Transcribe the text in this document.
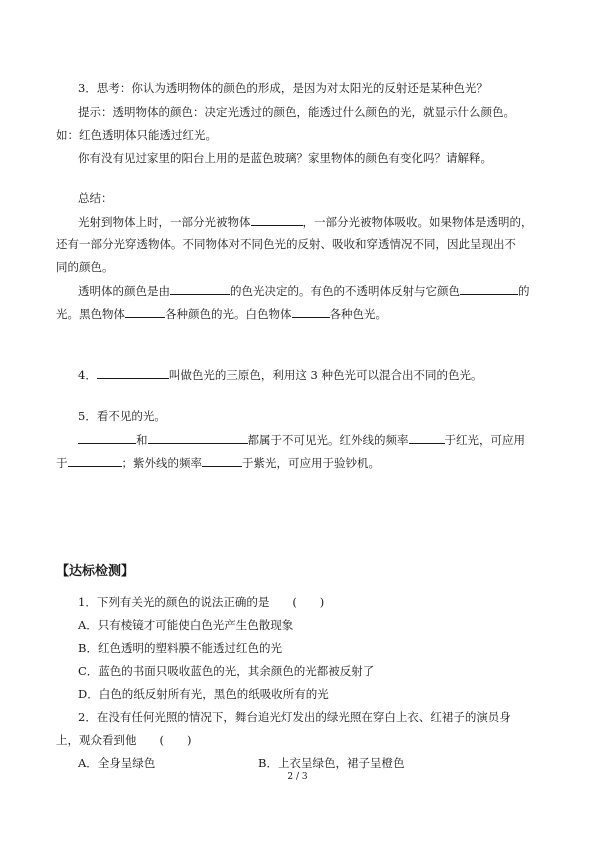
3．思考：你认为透明物体的颜色的形成，是因为对太阳光的反射还是某种色光？
提示：透明物体的颜色：决定光透过的颜色，能透过什么颜色的光，就显示什么颜色。
如：红色透明体只能透过红光。
你有没有见过家里的阳台上用的是蓝色玻璃？家里物体的颜色有变化吗？请解释。
总结：
光射到物体上时，一部分光被物体	，一部分光被物体吸收。如果物体是透明的，
还有一部分光穿透物体。不同物体对不同色光的反射、吸收和穿透情况不同，因此呈现出不
同的颜色。
透明体的颜色是由	的色光决定的。有色的不透明体反射与它颜色	的
光。黑色物体	各种颜色的光。白色物体	各种色光。
4．	叫做色光的三原色，利用这 3 种色光可以混合出不同的色光。
5．看不见的光。
和	都属于不可见光。红外线的频率	于红光，可应用
于	；紫外线的频率	于紫光，可应用于验钞机。
【达标检测】
1．下列有关光的颜色的说法正确的是　　(　　)
A．只有棱镜才可能使白色光产生色散现象
B．红色透明的塑料膜不能透过红色的光
C．蓝色的书面只吸收蓝色的光，其余颜色的光都被反射了
D．白色的纸反射所有光，黑色的纸吸收所有的光
2．在没有任何光照的情况下，舞台追光灯发出的绿光照在穿白上衣、红裙子的演员身
上，观众看到他　　(　　)
A．全身呈绿色	B．上衣呈绿色，裙子呈橙色
2 / 3
